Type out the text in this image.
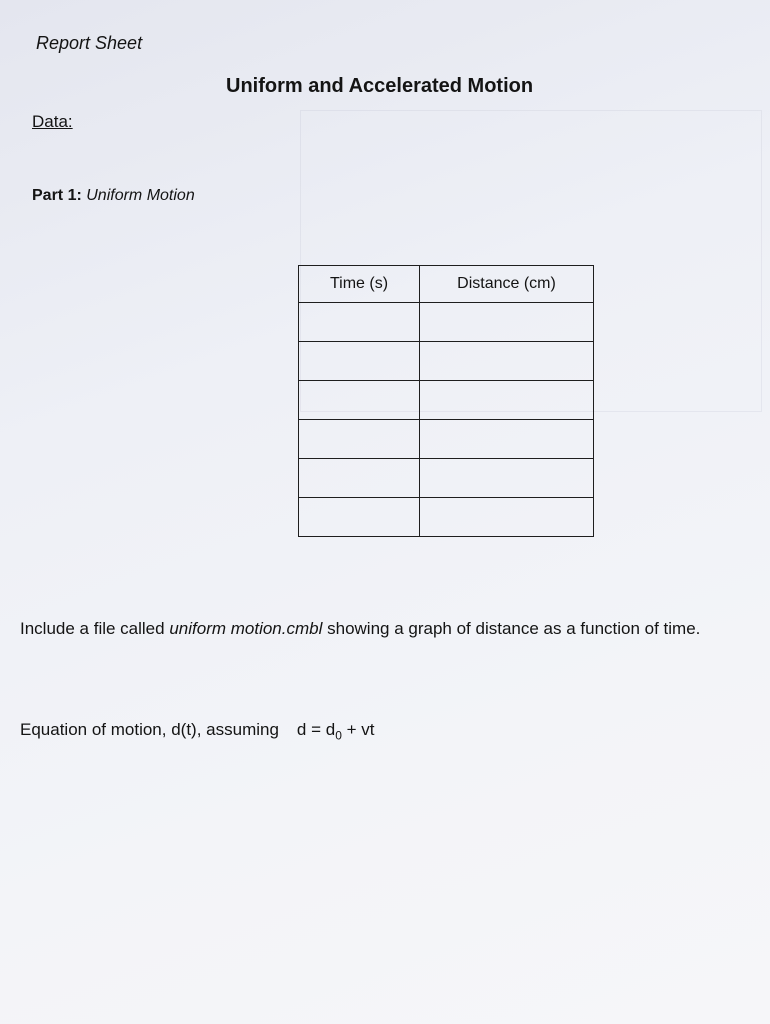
Report Sheet
Uniform and Accelerated Motion
Data:
Part 1: Uniform Motion
Time (s)	Distance (cm)

Include a file called uniform motion.cmbl showing a graph of distance as a function of time.
Equation of motion, d(t), assuming $d = d_0$ + vt
